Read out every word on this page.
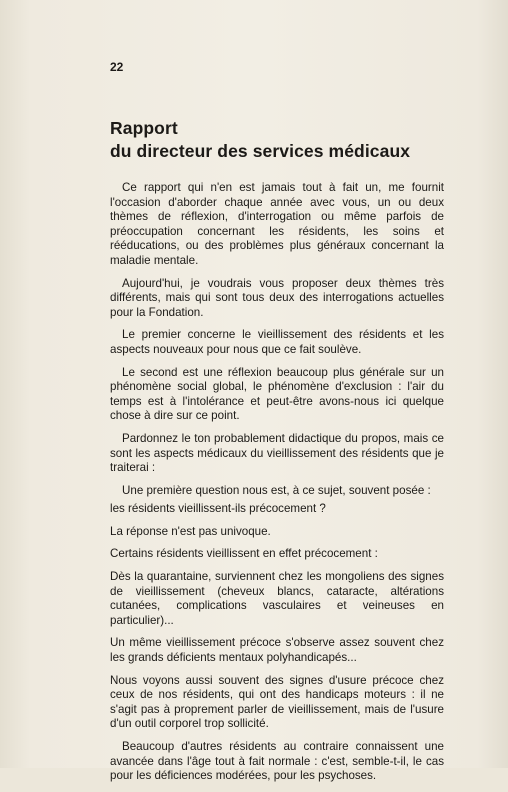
22
Rapport
du directeur des services médicaux

Ce rapport qui n'en est jamais tout à fait un, me fournit l'occasion d'aborder chaque année avec vous, un ou deux thèmes de réflexion, d'interrogation ou même parfois de préoccupation concernant les résidents, les soins et rééducations, ou des problèmes plus généraux concernant la maladie mentale.

Aujourd'hui, je voudrais vous proposer deux thèmes très différents, mais qui sont tous deux des interrogations actuelles pour la Fondation.

Le premier concerne le vieillissement des résidents et les aspects nouveaux pour nous que ce fait soulève.

Le second est une réflexion beaucoup plus générale sur un phénomène social global, le phénomène d'exclusion : l'air du temps est à l'intolérance et peut-être avons-nous ici quelque chose à dire sur ce point.

Pardonnez le ton probablement didactique du propos, mais ce sont les aspects médicaux du vieillissement des résidents que je traiterai :

Une première question nous est, à ce sujet, souvent posée :

les résidents vieillissent-ils précocement ?

La réponse n'est pas univoque.

Certains résidents vieillissent en effet précocement :

Dès la quarantaine, surviennent chez les mongoliens des signes de vieillissement (cheveux blancs, cataracte, altérations cutanées, complications vasculaires et veineuses en particulier)...

Un même vieillissement précoce s'observe assez souvent chez les grands déficients mentaux polyhandicapés...

Nous voyons aussi souvent des signes d'usure précoce chez ceux de nos résidents, qui ont des handicaps moteurs : il ne s'agit pas à proprement parler de vieillissement, mais de l'usure d'un outil corporel trop sollicité.

Beaucoup d'autres résidents au contraire connaissent une avancée dans l'âge tout à fait normale : c'est, semble-t-il, le cas pour les déficiences modérées, pour les psychoses.
